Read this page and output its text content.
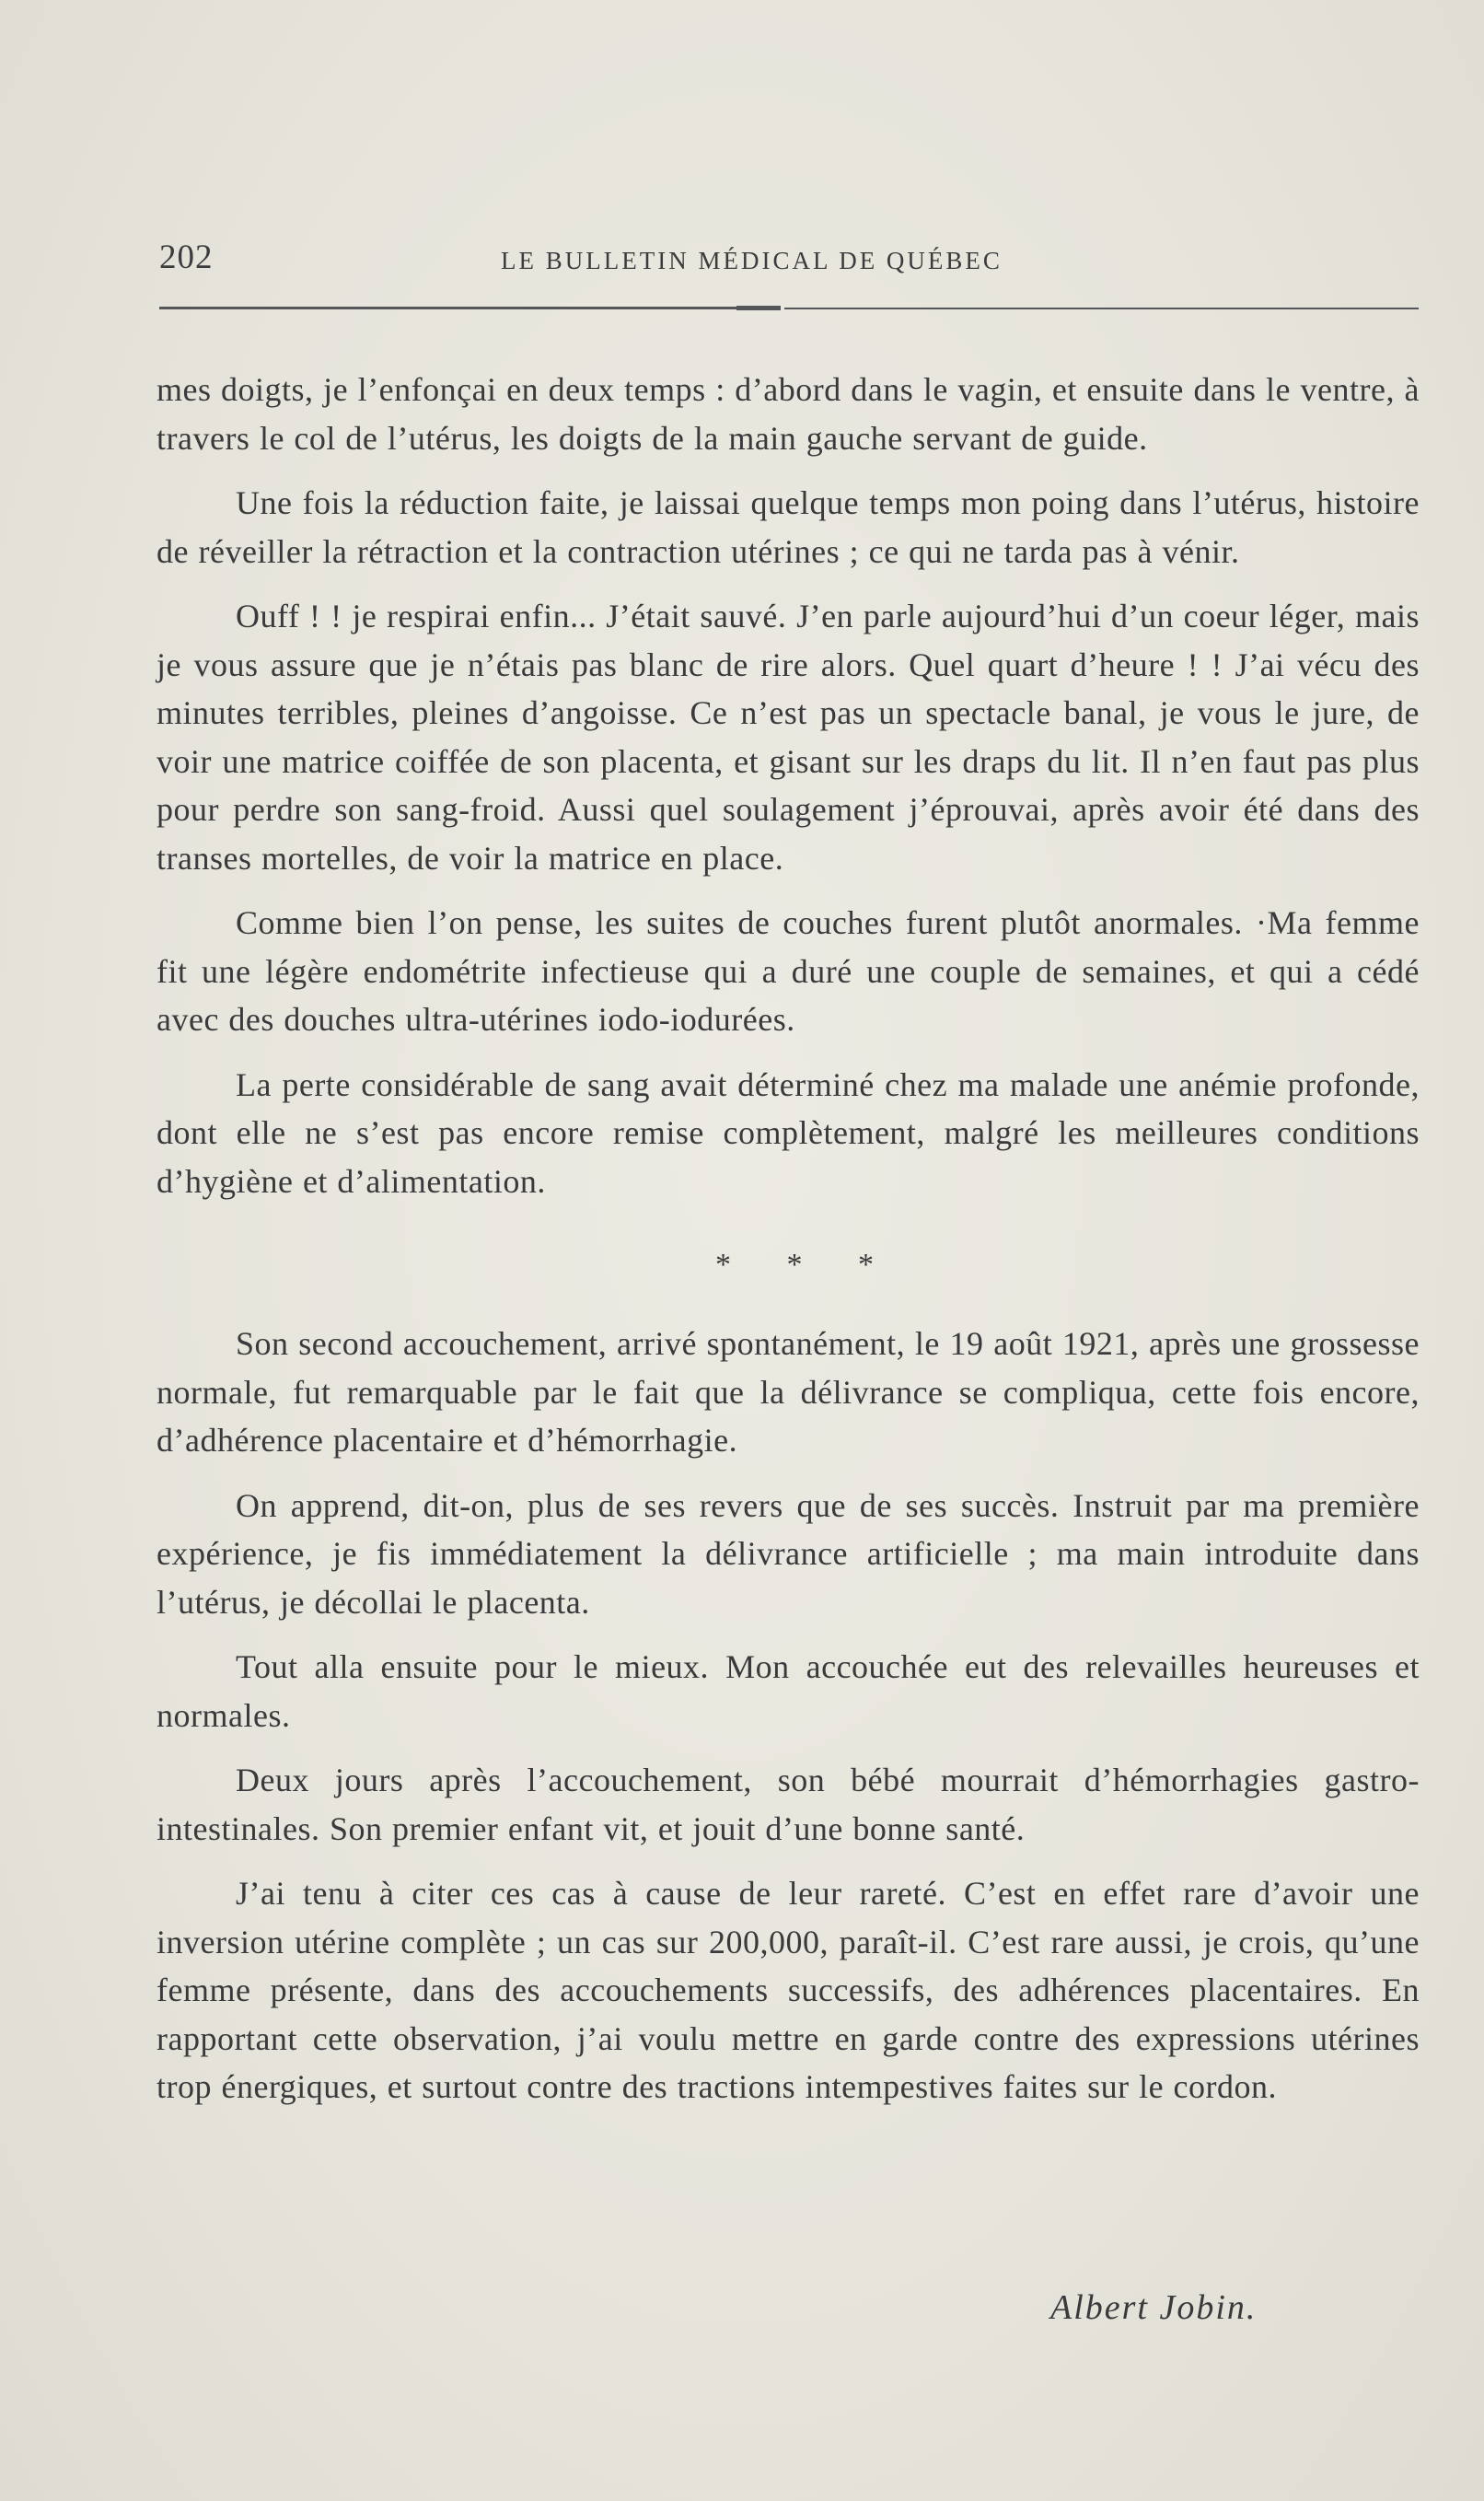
202	LE BULLETIN MÉDICAL DE QUÉBEC

mes doigts, je l’enfonçai en deux temps : d’abord dans le vagin, et ensuite dans le ventre, à travers le col de l’utérus, les doigts de la main gauche servant de guide.

Une fois la réduction faite, je laissai quelque temps mon poing dans l’utérus, histoire de réveiller la rétraction et la contraction utérines ; ce qui ne tarda pas à vénir.

Ouff ! ! je respirai enfin... J’était sauvé. J’en parle aujourd’hui d’un coeur léger, mais je vous assure que je n’étais pas blanc de rire alors. Quel quart d’heure ! ! J’ai vécu des minutes terribles, pleines d’angoisse. Ce n’est pas un spectacle banal, je vous le jure, de voir une matrice coiffée de son placenta, et gisant sur les draps du lit. Il n’en faut pas plus pour perdre son sang-froid. Aussi quel soulagement j’éprouvai, après avoir été dans des transes mortelles, de voir la matrice en place.

Comme bien l’on pense, les suites de couches furent plutôt anormales. ·Ma femme fit une légère endométrite infectieuse qui a duré une couple de semaines, et qui a cédé avec des douches ultra-utérines iodo-iodurées.

La perte considérable de sang avait déterminé chez ma malade une anémie profonde, dont elle ne s’est pas encore remise complètement, malgré les meilleures conditions d’hygiène et d’alimentation.

* * *

Son second accouchement, arrivé spontanément, le 19 août 1921, après une grossesse normale, fut remarquable par le fait que la délivrance se compliqua, cette fois encore, d’adhérence placentaire et d’hémorrhagie.

On apprend, dit-on, plus de ses revers que de ses succès. Instruit par ma première expérience, je fis immédiatement la délivrance artificielle ; ma main introduite dans l’utérus, je décollai le placenta.

Tout alla ensuite pour le mieux. Mon accouchée eut des relevailles heureuses et normales.

Deux jours après l’accouchement, son bébé mourrait d’hémorrhagies gastro-intestinales. Son premier enfant vit, et jouit d’une bonne santé.

J’ai tenu à citer ces cas à cause de leur rareté. C’est en effet rare d’avoir une inversion utérine complète ; un cas sur 200,000, paraît-il. C’est rare aussi, je crois, qu’une femme présente, dans des accouchements successifs, des adhérences placentaires. En rapportant cette observation, j’ai voulu mettre en garde contre des expressions utérines trop énergiques, et surtout contre des tractions intempestives faites sur le cordon.

Albert Jobin.
